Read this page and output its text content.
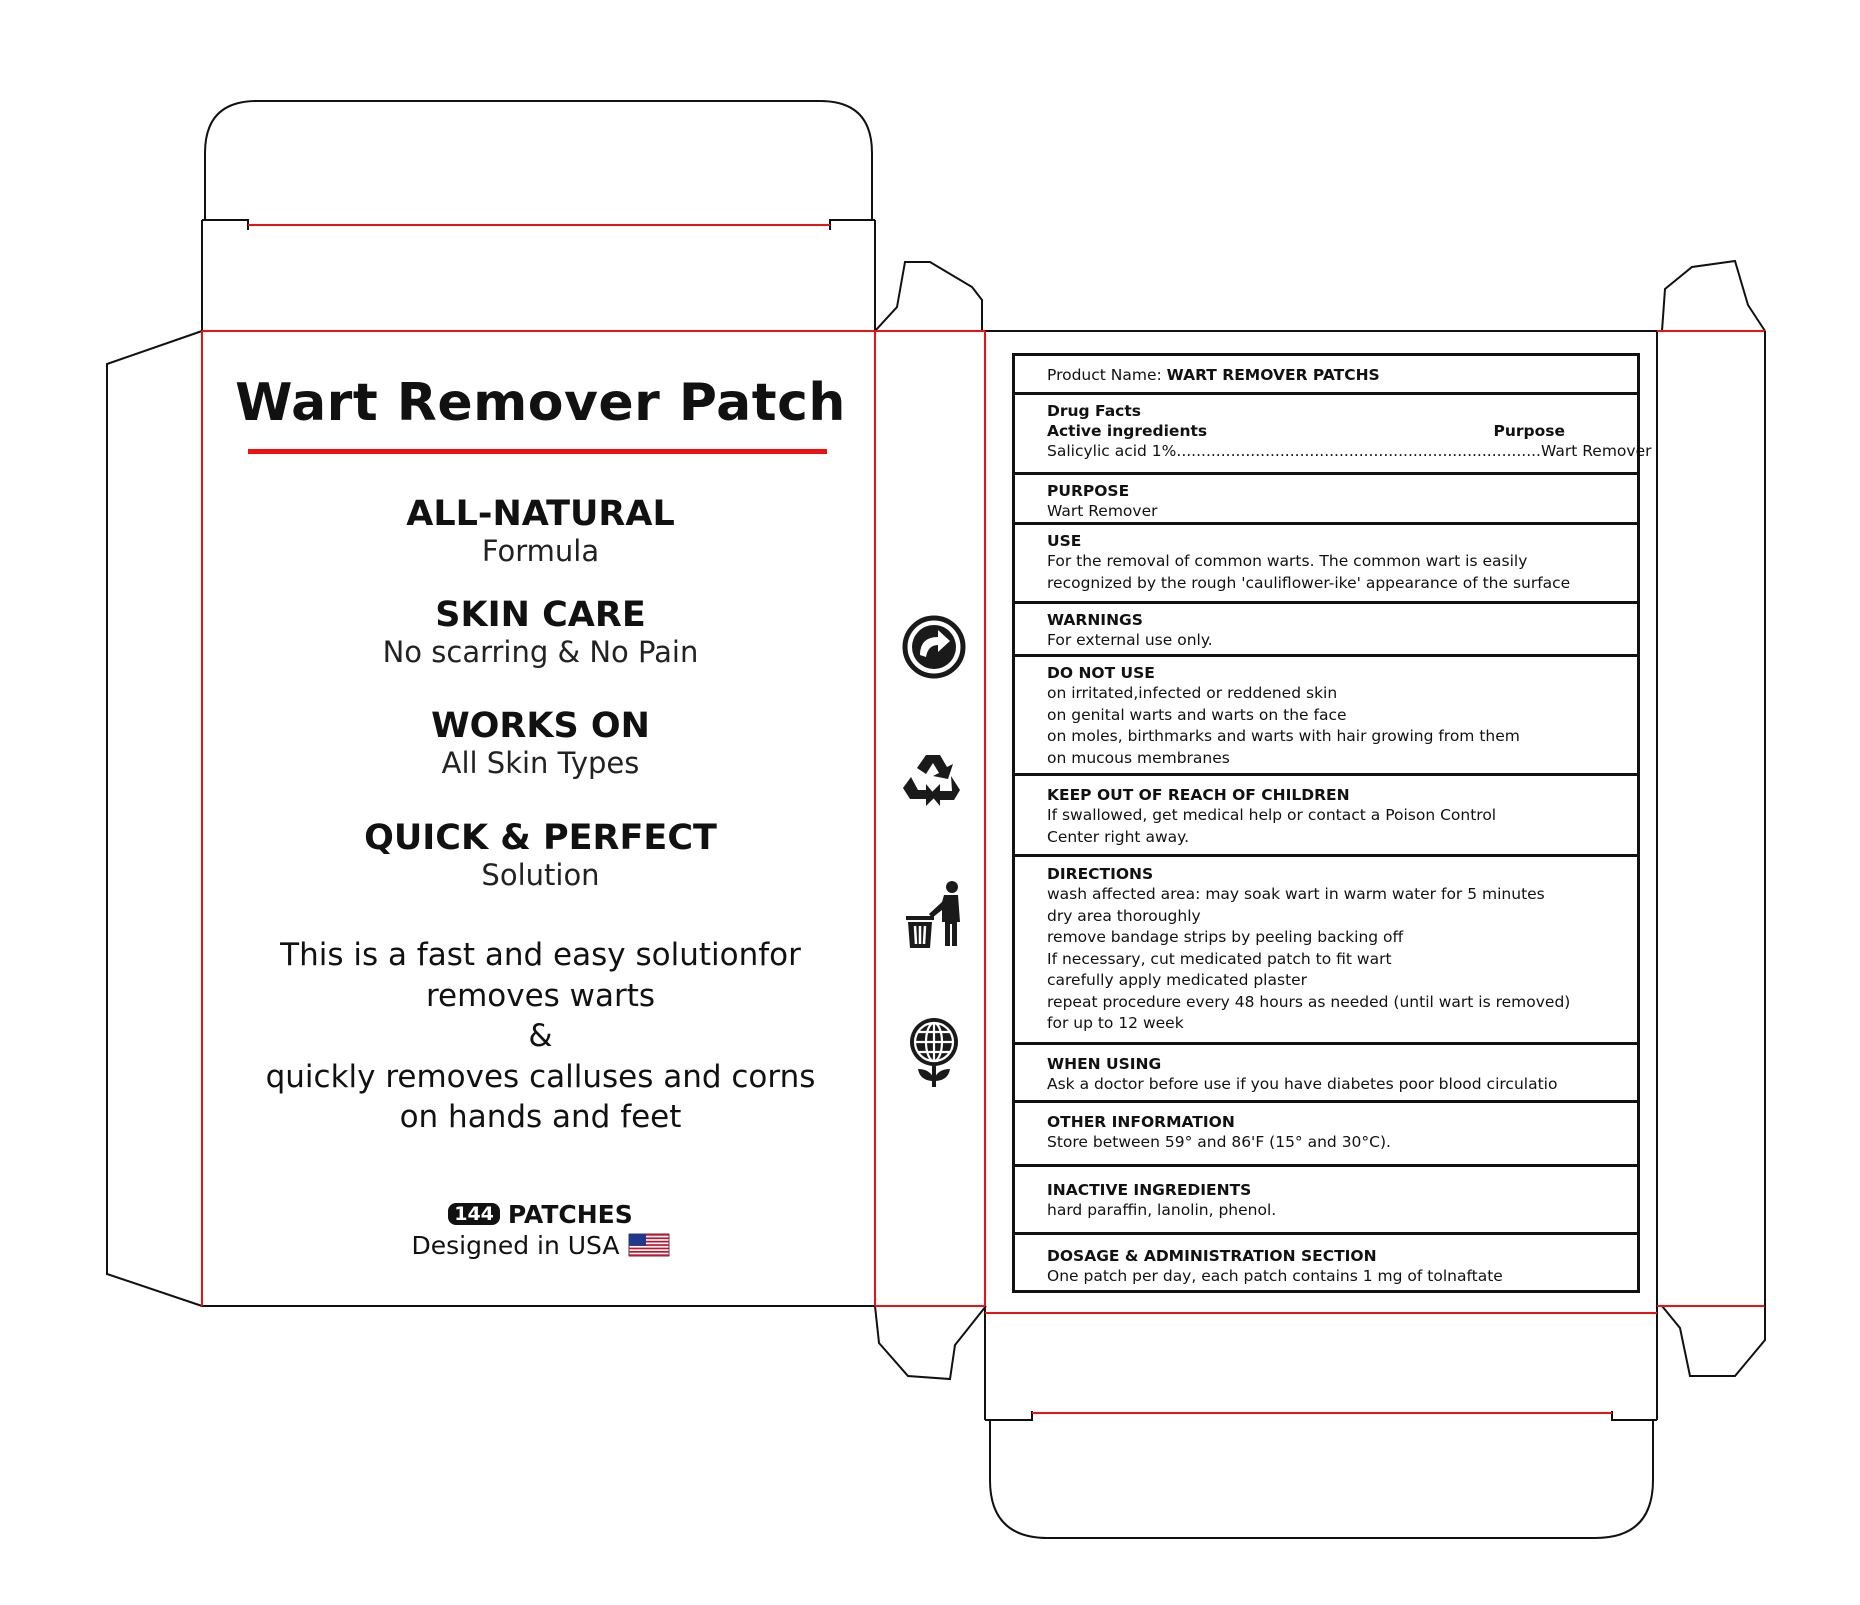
Wart Remover Patch
ALL-NATURAL
Formula
SKIN CARE
No scarring & No Pain
WORKS ON
All Skin Types
QUICK & PERFECT
Solution
This is a fast and easy solutionfor
removes warts
&
quickly removes calluses and corns
on hands and feet
144 PATCHES
Designed in USA
Product Name: WART REMOVER PATCHS
Drug Facts
Active ingredients	Purpose
Salicylic acid 1%.......................................................................... Wart Remover
PURPOSE
Wart Remover
USE
For the removal of common warts. The common wart is easily
recognized by the rough 'cauliflower-ike' appearance of the surface
WARNINGS
For external use only.
DO NOT USE
on irritated,infected or reddened skin
on genital warts and warts on the face
on moles, birthmarks and warts with hair growing from them
on mucous membranes
KEEP OUT OF REACH OF CHILDREN
If swallowed, get medical help or contact a Poison Control
Center right away.
DIRECTIONS
wash affected area: may soak wart in warm water for 5 minutes
dry area thoroughly
remove bandage strips by peeling backing off
If necessary, cut medicated patch to fit wart
carefully apply medicated plaster
repeat procedure every 48 hours as needed (until wart is removed)
for up to 12 week
WHEN USING
Ask a doctor before use if you have diabetes poor blood circulatio
OTHER INFORMATION
Store between 59° and 86'F (15° and 30°C).
INACTIVE INGREDIENTS
hard paraffin, lanolin, phenol.
DOSAGE & ADMINISTRATION SECTION
One patch per day, each patch contains 1 mg of tolnaftate
